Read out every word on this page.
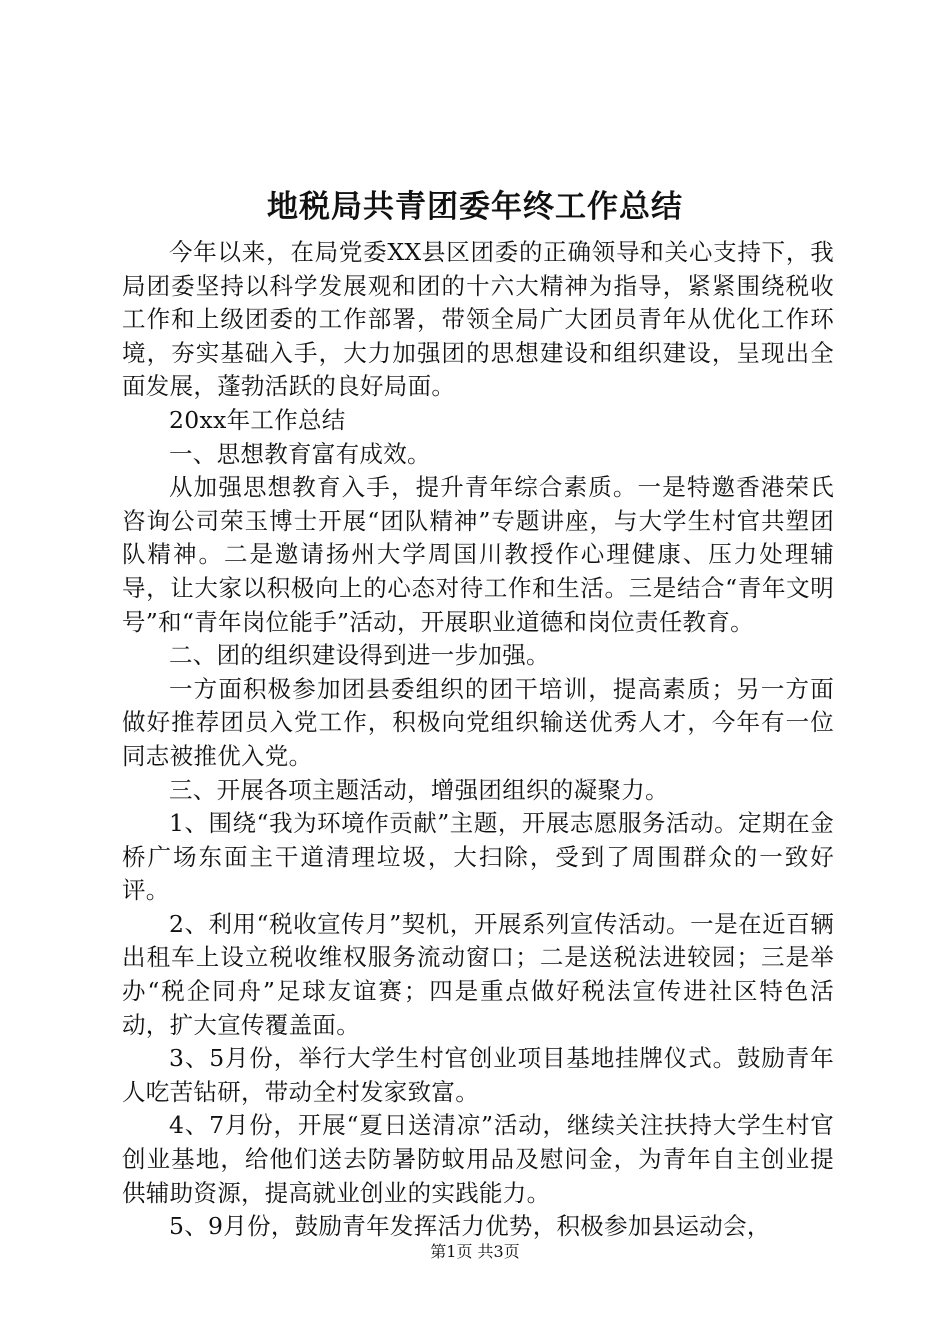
地税局共青团委年终工作总结

今年以来，在局党委XX县区团委的正确领导和关心支持下，我局团委坚持以科学发展观和团的十六大精神为指导，紧紧围绕税收工作和上级团委的工作部署，带领全局广大团员青年从优化工作环境，夯实基础入手，大力加强团的思想建设和组织建设，呈现出全面发展，蓬勃活跃的良好局面。

20xx年工作总结

一、思想教育富有成效。

从加强思想教育入手，提升青年综合素质。一是特邀香港荣氏咨询公司荣玉博士开展“团队精神”专题讲座，与大学生村官共塑团队精神。二是邀请扬州大学周国川教授作心理健康、压力处理辅导，让大家以积极向上的心态对待工作和生活。三是结合“青年文明号”和“青年岗位能手”活动，开展职业道德和岗位责任教育。

二、团的组织建设得到进一步加强。

一方面积极参加团县委组织的团干培训，提高素质；另一方面做好推荐团员入党工作，积极向党组织输送优秀人才，今年有一位同志被推优入党。

三、开展各项主题活动，增强团组织的凝聚力。

1、围绕“我为环境作贡献”主题，开展志愿服务活动。定期在金桥广场东面主干道清理垃圾，大扫除，受到了周围群众的一致好评。

2、利用“税收宣传月”契机，开展系列宣传活动。一是在近百辆出租车上设立税收维权服务流动窗口；二是送税法进较园；三是举办“税企同舟”足球友谊赛；四是重点做好税法宣传进社区特色活动，扩大宣传覆盖面。

3、5月份，举行大学生村官创业项目基地挂牌仪式。鼓励青年人吃苦钻研，带动全村发家致富。

4、7月份，开展“夏日送清凉”活动，继续关注扶持大学生村官创业基地，给他们送去防暑防蚊用品及慰问金，为青年自主创业提供辅助资源，提高就业创业的实践能力。

5、9月份，鼓励青年发挥活力优势，积极参加县运动会，

第1页 共3页
